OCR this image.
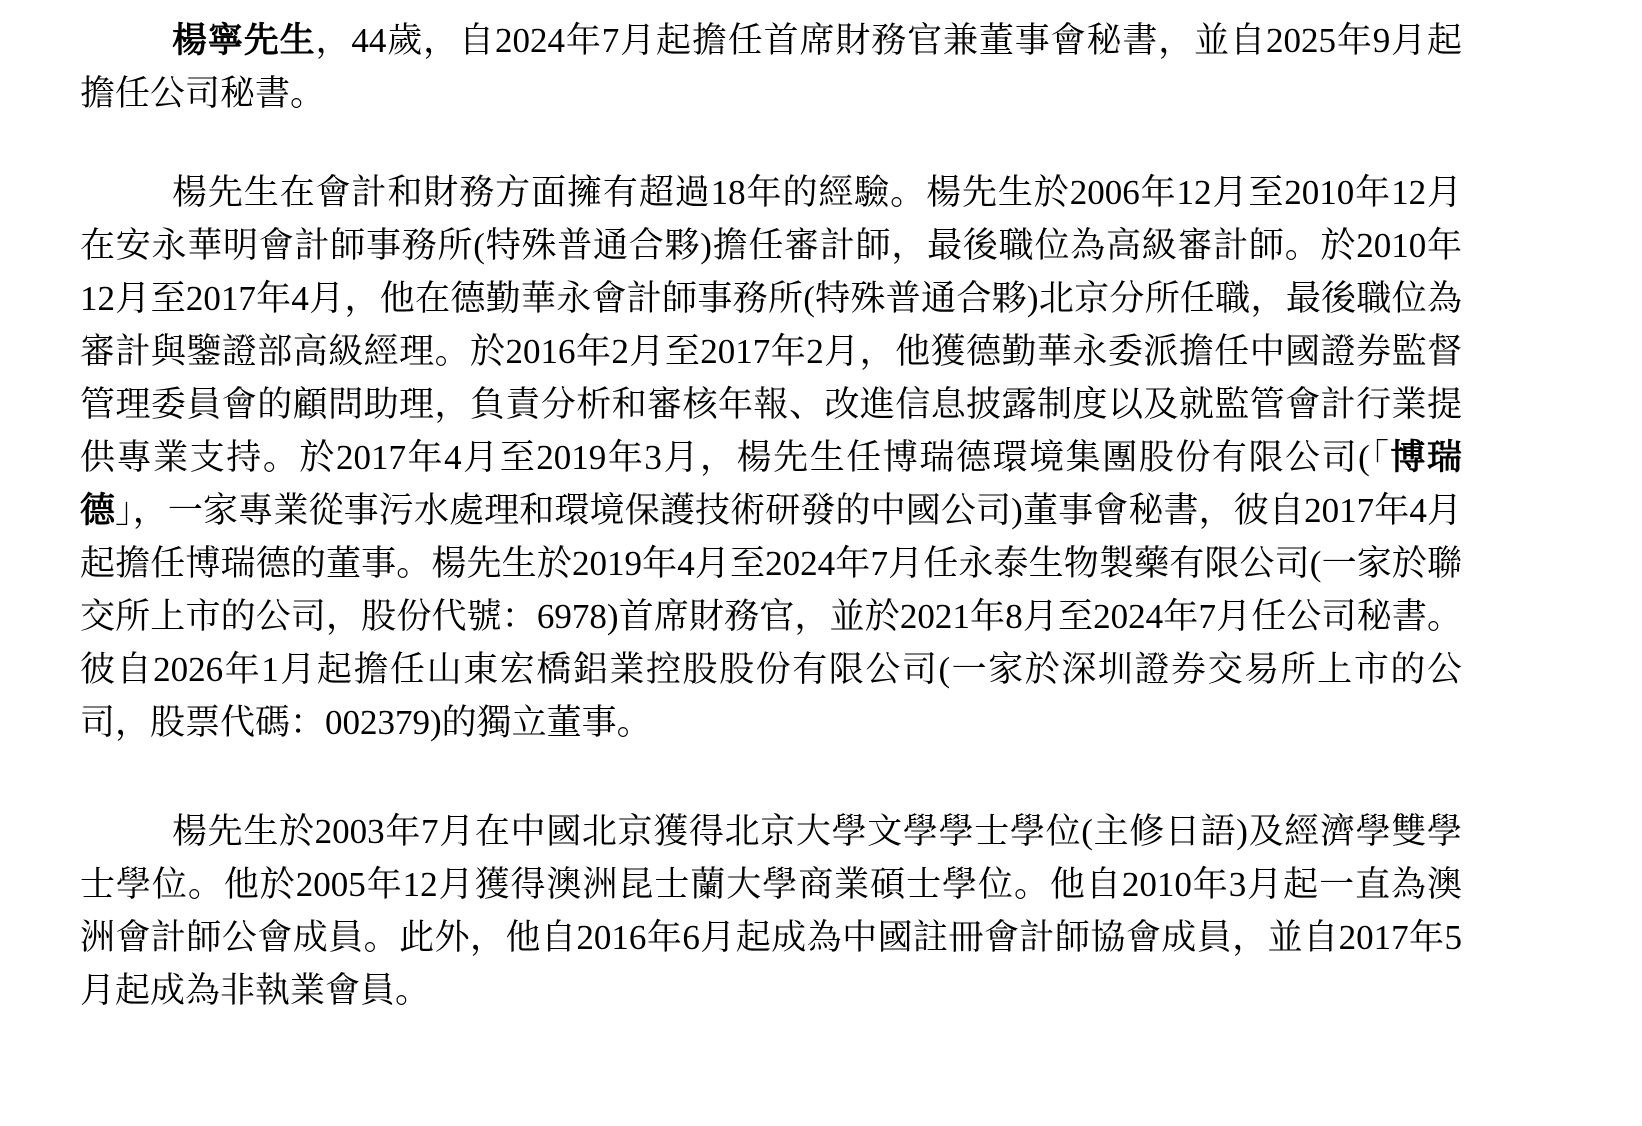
楊寧先生，44歲，自2024年7月起擔任首席財務官兼董事會秘書，並自2025年9月起擔任公司秘書。

楊先生在會計和財務方面擁有超過18年的經驗。楊先生於2006年12月至2010年12月在安永華明會計師事務所(特殊普通合夥)擔任審計師，最後職位為高級審計師。於2010年12月至2017年4月，他在德勤華永會計師事務所(特殊普通合夥)北京分所任職，最後職位為審計與鑒證部高級經理。於2016年2月至2017年2月，他獲德勤華永委派擔任中國證券監督管理委員會的顧問助理，負責分析和審核年報、改進信息披露制度以及就監管會計行業提供專業支持。於2017年4月至2019年3月，楊先生任博瑞德環境集團股份有限公司(「博瑞德」，一家專業從事污水處理和環境保護技術研發的中國公司)董事會秘書，彼自2017年4月起擔任博瑞德的董事。楊先生於2019年4月至2024年7月任永泰生物製藥有限公司(一家於聯交所上市的公司，股份代號：6978)首席財務官，並於2021年8月至2024年7月任公司秘書。彼自2026年1月起擔任山東宏橋鋁業控股股份有限公司(一家於深圳證券交易所上市的公司，股票代碼：002379)的獨立董事。

楊先生於2003年7月在中國北京獲得北京大學文學學士學位(主修日語)及經濟學雙學士學位。他於2005年12月獲得澳洲昆士蘭大學商業碩士學位。他自2010年3月起一直為澳洲會計師公會成員。此外，他自2016年6月起成為中國註冊會計師協會成員，並自2017年5月起成為非執業會員。
